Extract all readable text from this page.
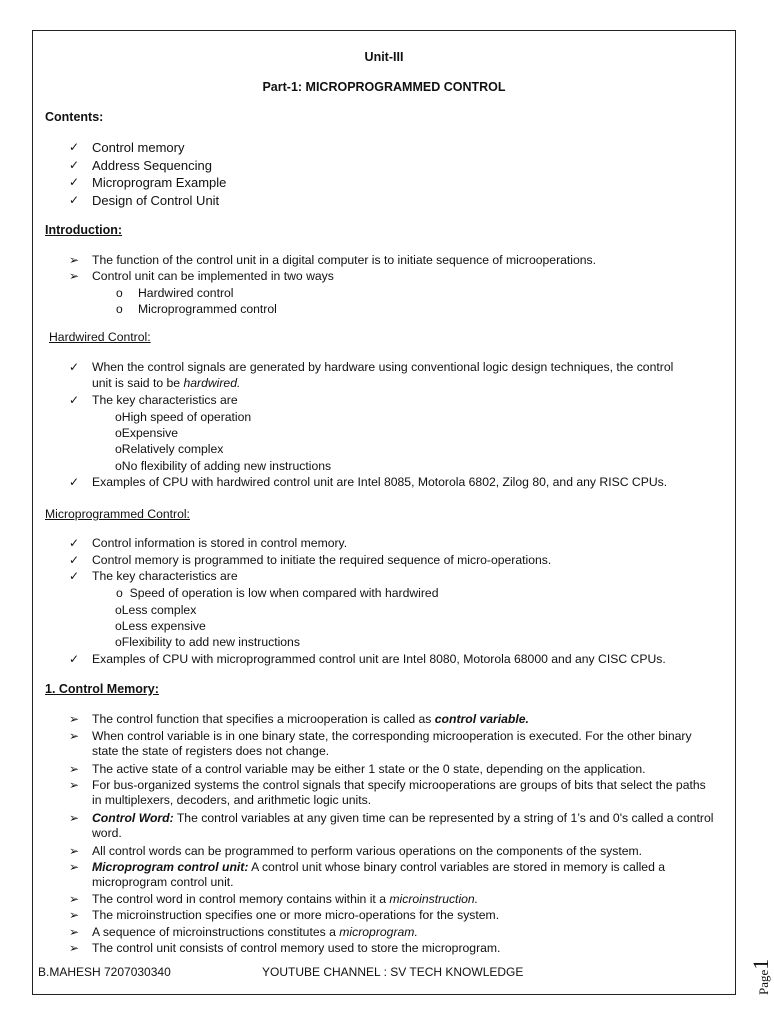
Unit-III
Part-1: MICROPROGRAMMED CONTROL
Contents:
✓ Control memory
✓ Address Sequencing
✓ Microprogram Example
✓ Design of Control Unit
Introduction:
➢ The function of the control unit in a digital computer is to initiate sequence of microoperations.
➢ Control unit can be implemented in two ways
o Hardwired control
o Microprogrammed control
Hardwired Control:
✓ When the control signals are generated by hardware using conventional logic design techniques, the control
unit is said to be hardwired.
✓ The key characteristics are
oHigh speed of operation
oExpensive
oRelatively complex
oNo flexibility of adding new instructions
✓ Examples of CPU with hardwired control unit are Intel 8085, Motorola 6802, Zilog 80, and any RISC CPUs.
Microprogrammed Control:
✓ Control information is stored in control memory.
✓ Control memory is programmed to initiate the required sequence of micro-operations.
✓ The key characteristics are
o  Speed of operation is low when compared with hardwired
oLess complex
oLess expensive
oFlexibility to add new instructions
✓ Examples of CPU with microprogrammed control unit are Intel 8080, Motorola 68000 and any CISC CPUs.
1. Control Memory:
➢ The control function that specifies a microoperation is called as control variable.
➢ When control variable is in one binary state, the corresponding microoperation is executed. For the other binary state the state of registers does not change.
➢ The active state of a control variable may be either 1 state or the 0 state, depending on the application.
➢ For bus-organized systems the control signals that specify microoperations are groups of bits that select the paths in multiplexers, decoders, and arithmetic logic units.
➢ Control Word: The control variables at any given time can be represented by a string of 1’s and 0's called a control word.
➢ All control words can be programmed to perform various operations on the components of the system.
➢ Microprogram control unit: A control unit whose binary control variables are stored in memory is called a microprogram control unit.
➢ The control word in control memory contains within it a microinstruction.
➢ The microinstruction specifies one or more micro-operations for the system.
➢ A sequence of microinstructions constitutes a microprogram.
➢ The control unit consists of control memory used to store the microprogram.
B.MAHESH 7207030340	YOUTUBE CHANNEL : SV TECH KNOWLEDGE	Page1
